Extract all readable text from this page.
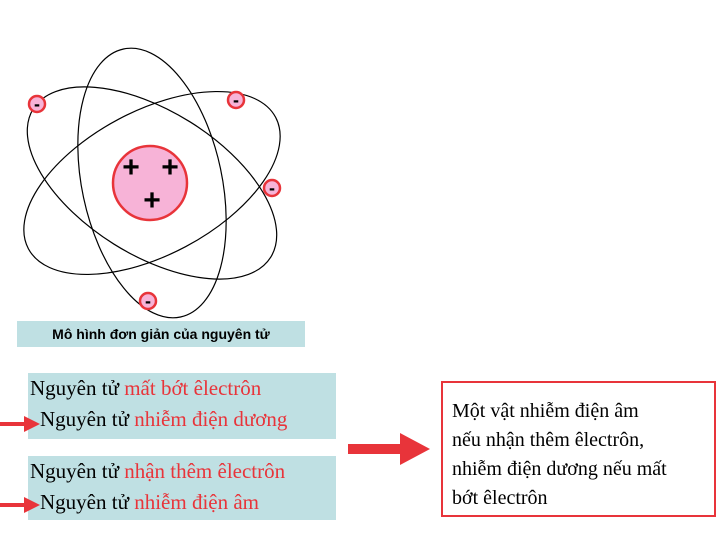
+ +
+
-	-
-
-
Mô hình đơn giản của nguyên tử
Nguyên tử mất bớt êlectrôn
Nguyên tử nhiễm điện dương
Nguyên tử nhận thêm êlectrôn
Nguyên tử nhiễm điện âm
Một vật nhiễm điện âm
nếu nhận thêm êlectrôn,
nhiễm điện dương nếu mất
bớt êlectrôn
